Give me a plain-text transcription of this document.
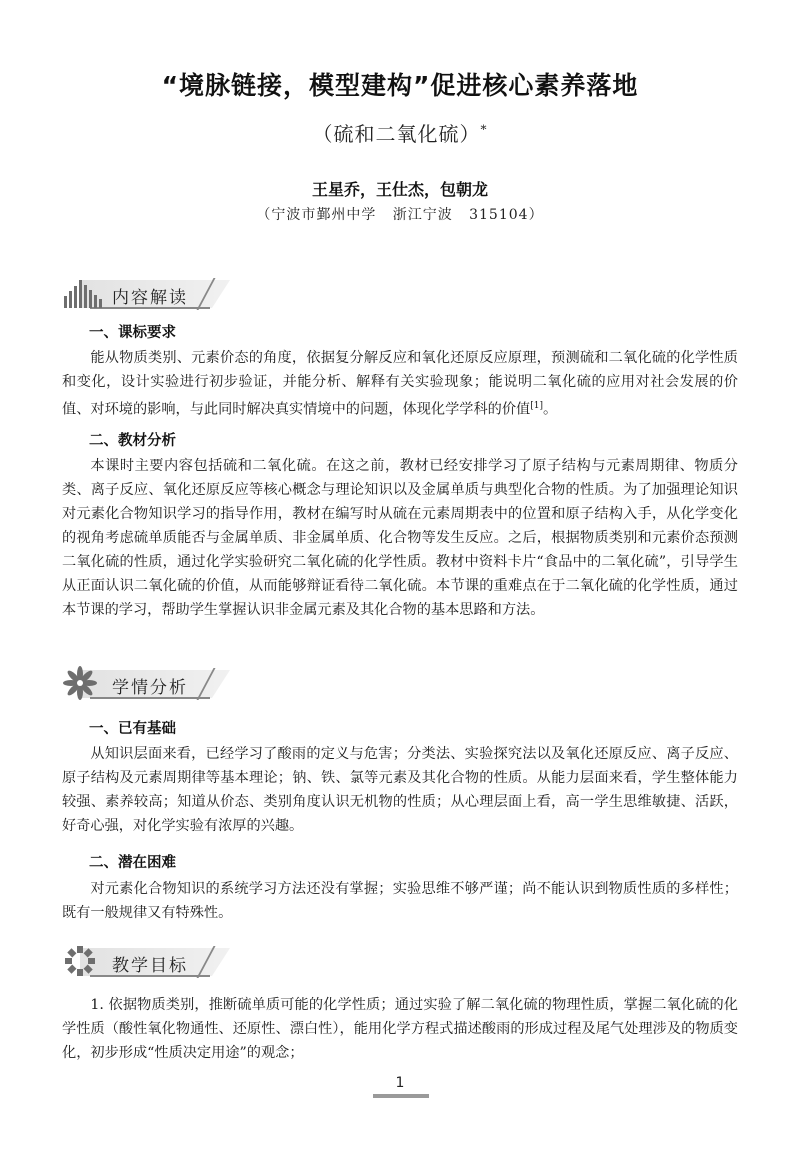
“境脉链接，模型建构”促进核心素养落地
（硫和二氧化硫）*
王星乔，王仕杰，包朝龙
（宁波市鄞州中学   浙江宁波   315104）
内容解读
一、课标要求

能从物质类别、元素价态的角度，依据复分解反应和氧化还原反应原理，预测硫和二氧化硫的化学性质和变化，设计实验进行初步验证，并能分析、解释有关实验现象；能说明二氧化硫的应用对社会发展的价值、对环境的影响，与此同时解决真实情境中的问题，体现化学学科的价值[1]。

二、教材分析

本课时主要内容包括硫和二氧化硫。在这之前，教材已经安排学习了原子结构与元素周期律、物质分类、离子反应、氧化还原反应等核心概念与理论知识以及金属单质与典型化合物的性质。为了加强理论知识对元素化合物知识学习的指导作用，教材在编写时从硫在元素周期表中的位置和原子结构入手，从化学变化的视角考虑硫单质能否与金属单质、非金属单质、化合物等发生反应。之后，根据物质类别和元素价态预测二氧化硫的性质，通过化学实验研究二氧化硫的化学性质。教材中资料卡片“食品中的二氧化硫”，引导学生从正面认识二氧化硫的价值，从而能够辩证看待二氧化硫。本节课的重难点在于二氧化硫的化学性质，通过本节课的学习，帮助学生掌握认识非金属元素及其化合物的基本思路和方法。

学情分析
一、已有基础

从知识层面来看，已经学习了酸雨的定义与危害；分类法、实验探究法以及氧化还原反应、离子反应、原子结构及元素周期律等基本理论；钠、铁、氯等元素及其化合物的性质。从能力层面来看，学生整体能力较强、素养较高；知道从价态、类别角度认识无机物的性质；从心理层面上看，高一学生思维敏捷、活跃，好奇心强，对化学实验有浓厚的兴趣。

二、潜在困难

对元素化合物知识的系统学习方法还没有掌握；实验思维不够严谨；尚不能认识到物质性质的多样性；既有一般规律又有特殊性。

教学目标

1. 依据物质类别，推断硫单质可能的化学性质；通过实验了解二氧化硫的物理性质，掌握二氧化硫的化学性质（酸性氧化物通性、还原性、漂白性），能用化学方程式描述酸雨的形成过程及尾气处理涉及的物质变化，初步形成“性质决定用途”的观念；

1
